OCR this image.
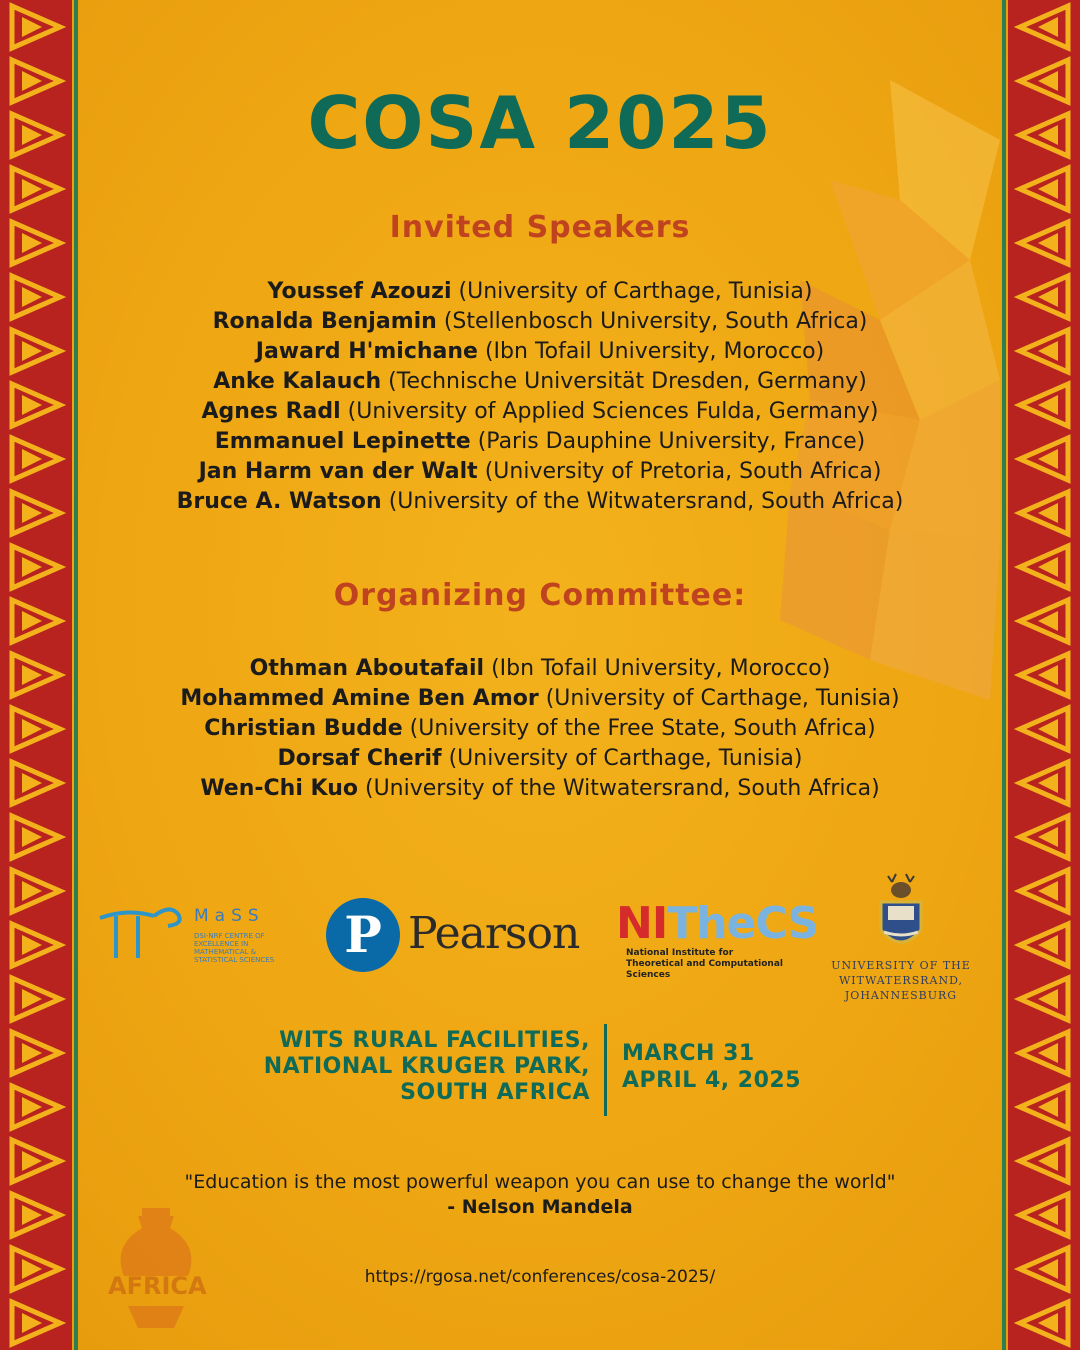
COSA 2025
Invited Speakers
Youssef Azouzi (University of Carthage, Tunisia)
Ronalda Benjamin (Stellenbosch University, South Africa)
Jaward H'michane (Ibn Tofail University, Morocco)
Anke Kalauch (Technische Universität Dresden, Germany)
Agnes Radl (University of Applied Sciences Fulda, Germany)
Emmanuel Lepinette (Paris Dauphine University, France)
Jan Harm van der Walt (University of Pretoria, South Africa)
Bruce A. Watson (University of the Witwatersrand, South Africa)
Organizing Committee:
Othman Aboutafail (Ibn Tofail University, Morocco)
Mohammed Amine Ben Amor (University of Carthage, Tunisia)
Christian Budde (University of the Free State, South Africa)
Dorsaf Cherif (University of Carthage, Tunisia)
Wen-Chi Kuo (University of the Witwatersrand, South Africa)
MaSS
DSI-NRF CENTRE OF EXCELLENCE IN MATHEMATICAL & STATISTICAL SCIENCES	P Pearson NITheCS
National Institute for
Theoretical and Computational Sciences
UNIVERSITY OF THE
WITWATERSRAND,
JOHANNESBURG
WITS RURAL FACILITIES,
NATIONAL KRUGER PARK,
SOUTH AFRICA
MARCH 31
APRIL 4, 2025
"Education is the most powerful weapon you can use to change the world"
- Nelson Mandela
https://rgosa.net/conferences/cosa-2025/
AFRICA
